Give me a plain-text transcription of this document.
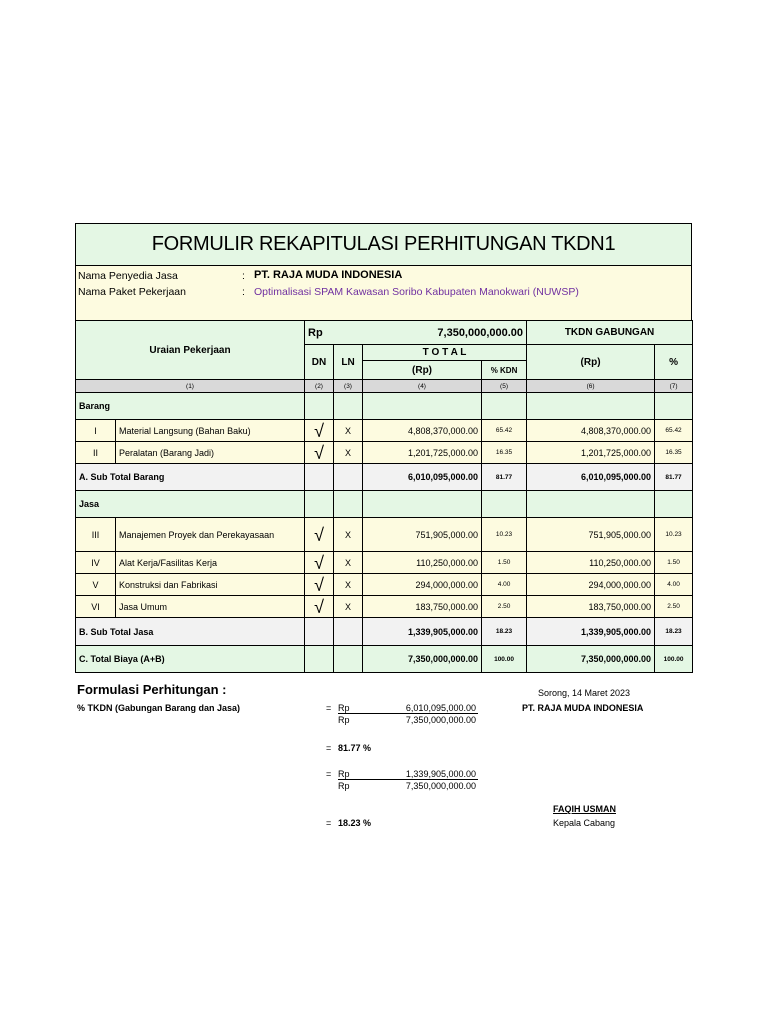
FORMULIR REKAPITULASI PERHITUNGAN TKDN1
Nama Penyedia Jasa	: PT. RAJA MUDA INDONESIA
Nama Paket Pekerjaan	: Optimalisasi SPAM Kawasan Soribo Kabupaten Manokwari (NUWSP)
Uraian Pekerjaan		Rp	7,350,000,000.00			TKDN GABUNGAN	
		DN	LN	T O T A L		(Rp)	%
				(Rp)	% KDN		
(1)		(2)	(3)	(4)	(5)	(6)	(7)
Barang							
I	Material Langsung (Bahan Baku)	√	X	4,808,370,000.00	65.42	4,808,370,000.00	65.42
II	Peralatan (Barang Jadi)	√	X	1,201,725,000.00	16.35	1,201,725,000.00	16.35
A. Sub Total Barang				6,010,095,000.00	81.77	6,010,095,000.00	81.77
Jasa							
III	Manajemen Proyek dan Perekayasaan	√	X	751,905,000.00	10.23	751,905,000.00	10.23
IV	Alat Kerja/Fasilitas Kerja	√	X	110,250,000.00	1.50	110,250,000.00	1.50
V	Konstruksi dan Fabrikasi	√	X	294,000,000.00	4.00	294,000,000.00	4.00
VI	Jasa Umum	√	X	183,750,000.00	2.50	183,750,000.00	2.50
B. Sub Total Jasa				1,339,905,000.00	18.23	1,339,905,000.00	18.23
C. Total Biaya (A+B)				7,350,000,000.00	100.00	7,350,000,000.00	100.00
Formulasi Perhitungan :
% TKDN (Gabungan Barang dan Jasa)	= Rp	6,010,095,000.00
Rp	7,350,000,000.00
= 81.77 %
= Rp	1,339,905,000.00
Rp	7,350,000,000.00
= 18.23 %
Sorong, 14 Maret 2023
PT. RAJA MUDA INDONESIA
FAQIH USMAN
Kepala Cabang
